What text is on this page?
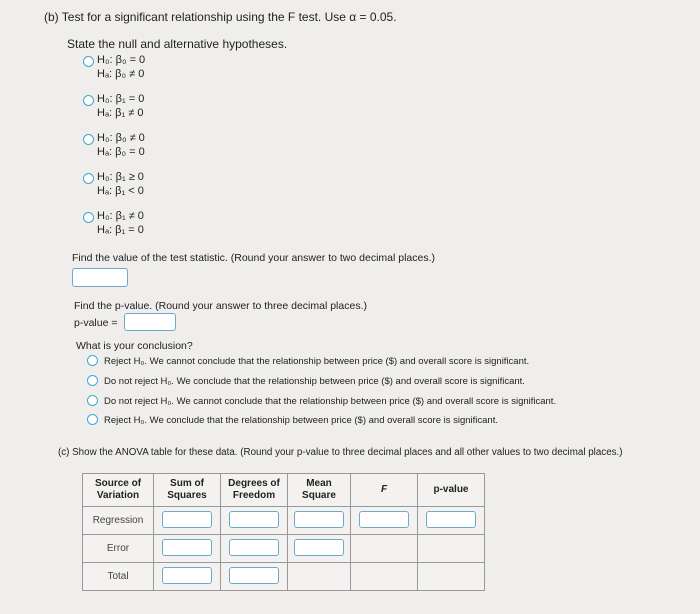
(b) Test for a significant relationship using the F test. Use α = 0.05.
State the null and alternative hypotheses.
H₀: β₀ = 0
Hₐ: β₀ ≠ 0
H₀: β₁ = 0
Hₐ: β₁ ≠ 0
H₀: β₀ ≠ 0
Hₐ: β₀ = 0
H₀: β₁ ≥ 0
Hₐ: β₁ < 0
H₀: β₁ ≠ 0
Hₐ: β₁ = 0
Find the value of the test statistic. (Round your answer to two decimal places.)
Find the p-value. (Round your answer to three decimal places.)
p-value =
What is your conclusion?
Reject H₀. We cannot conclude that the relationship between price ($) and overall score is significant.
Do not reject H₀. We conclude that the relationship between price ($) and overall score is significant.
Do not reject H₀. We cannot conclude that the relationship between price ($) and overall score is significant.
Reject H₀. We conclude that the relationship between price ($) and overall score is significant.
(c) Show the ANOVA table for these data. (Round your p-value to three decimal places and all other values to two decimal places.)
Source of Variation	Sum of Squares	Degrees of Freedom	Mean Square	F	p-value
Regression					
Error					
Total					
